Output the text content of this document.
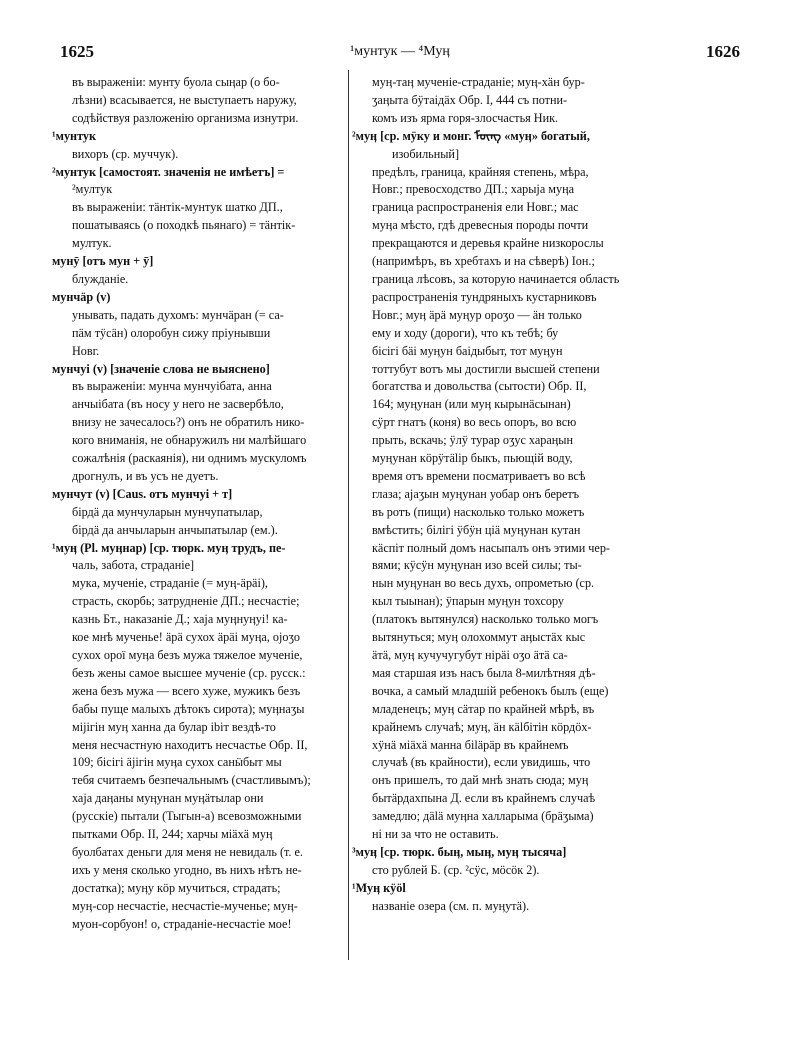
1625	¹мунтук — ⁴Муӊ	1626
въ выраженіи: мунту буола сыӊар (о бо-
лѣзни) всасывается, не выступаетъ наружу,
содѣйствуя разложенію организма изнутри.
¹мунтук
вихоръ (ср. муччук).
²мунтук [самостоят. значенія не имѣетъ] =
²мултук
въ выраженіи: тӓнтік-мунтук шатко ДП.,
пошатываясь (о походкѣ пьянаго) = тӓнтік-
мултук.
мунӯ [отъ мун + ӯ]
блужданіе.
мунчӓр (v)
унывать, падать духомъ: мунчӓран (= са-
пӓм тӱсӓн) олоробун сижу прiунывши
Новг.
мунчуі (v) [значеніе слова не выяснено]
въ выраженіи: мунча мунчуібата, анна
анчыібата (въ носу у него не засвербѣло,
внизу не зачесалось?) онъ не обратилъ нико-
кого вниманія, не обнаружилъ ни малѣйшаго
сожалѣнія (раскаянія), ни однимъ мускуломъ
дрогнулъ, и въ усъ не дуетъ.
мунчут (v) [Caus. отъ мунчуі + т]
бірдӓ да мунчуларын мунчупатылар,
бірдӓ да анчыларын анчыпатылар (ем.).
¹муӊ (Pl. муӊнар) [ср. тюрк. муӊ трудъ, пе-
чаль, забота, страданіе]
мука, мученіе, страданіе (= муӊ-ӓрӓі),
страсть, скорбь; затрудненіе ДП.; несчастіе;
казнь Бт., наказаніе Д.; хаја муӊнуӊуі! ка-
кое мнѣ мученье! ӓрӓ сухох ӓрӓі муӊа, ојоӡо
сухох орої муӊа безъ мужа тяжелое мученіе,
безъ жены самое высшее мученіе (ср. русск.:
жена безъ мужа — всего хуже, мужикъ безъ
бабы пуще малыхъ дѣтокъ сирота); муӊнаӡы
мiјігін муӊ ханна да булар іbiт вездѣ-то
меня несчастную находитъ несчастье Обр. II,
109; бісігі ӓјігін муӊа сухох санӹбыт мы
тебя считаемъ безпечальнымъ (счастливымъ);
хаја даӊаны муӊунан муӊӓтылар они
(русскіе) пытали (Тыгын-а) всевозможными
пытками Обр. II, 244; харчы мiӓхӓ муӊ
буолбатах деньги для меня не невидаль (т. е.
ихъ у меня сколько угодно, въ нихъ нѣтъ не-
достатка); муӊу кӧр мучиться, страдать;
муӊ-сор несчастіе, несчастіе-мученье; муӊ-
муон-сорбуон! о, страданіе-несчастіе мое!
муӊ-таӊ мученіе-страданіе; муӊ-хӓн бур-
ӡаӊыта бӱтаідӓх Обр. I, 444 съ потни-
комъ изъ ярма горя-злосчастья Ник.
²муӊ [ср. мӱку и монг. ᠮᠦᠩ «муӊ» богатый,
изобильный]
предѣлъ, граница, крайняя степень, мѣра,
Новг.; превосходство ДП.; харыја муӊа
граница распространенія ели Новг.; мас
муӊа мѣсто, гдѣ древесныя породы почти
прекращаются и деревья крайне низкорослы
(напримѣръ, въ хребтахъ и на сѣверѣ) Іон.;
граница лѣсовъ, за которую начинается область
распространенія тундряныхъ кустарниковъ
Новг.; муӊ ӓрӓ муӊур ороӡо — ӓн только
ему и ходу (дороги), что къ тебѣ; бу
бісігі бӓі муӊун баідыбыт, тот муӊун
тоттубут вотъ мы достигли высшей степени
богатства и довольства (сытости) Обр. II,
164; муӊунан (или муӊ кырынӓсынан)
сӱрт гнатъ (коня) во весь опоръ, во всю
прыть, вскачь; ӱлӱ турар оӡус хараӊын
муӊунан кӧрӱтӓlір быкъ, пьющій воду,
время отъ времени посматриваетъ во всѣ
глаза; ајаӡын муӊунан уобар онъ беретъ
въ ротъ (пищи) насколько только можетъ
вмѣстить; бiлiгi ӱбӱн ціӓ муӊунан кутан
кӓспіт полный домъ насыпалъ онъ этими чер-
вями; кӱсӱн муӊунан изо всей силы; ты-
нын муӊунан во весь духъ, опрометью (ср.
кыл тыынан); ӱпарын муӊун тохсору
(платокъ вытянулся) насколько только могъ
вытянуться; муӊ олохоммут аӊыстӓх кыс
ӓтӓ, муӊ кучучугубут нiрӓі оӡо ӓтӓ са-
мая старшая изъ насъ была 8-милѣтняя дѣ-
вочка, а самый младшій ребенокъ былъ (еще)
младенецъ; муӊ сӓтар по крайней мѣрѣ, въ
крайнемъ случаѣ; муӊ, ӓн кӓlбітiн кӧрдӧх-
хӱнӓ мiӓхӓ манна біlӓрӓр въ крайнемъ
случаѣ (въ крайности), если увидишь, что
онъ пришелъ, то дай мнѣ знать сюда; муӊ
бытӓрдахпына Д. если въ крайнемъ случаѣ
замедлю; дӓlӓ муӊна халларыма (брӓӡыма)
ні ни за что не оставить.
³муӊ [ср. тюрк. быӊ, мыӊ, муӊ тысяча]
сто рублей Б. (ср. ²сӱс, мӧсӧк 2).
¹Муӊ кӱӧl
названіе озера (см. п. муӊутӓ).
